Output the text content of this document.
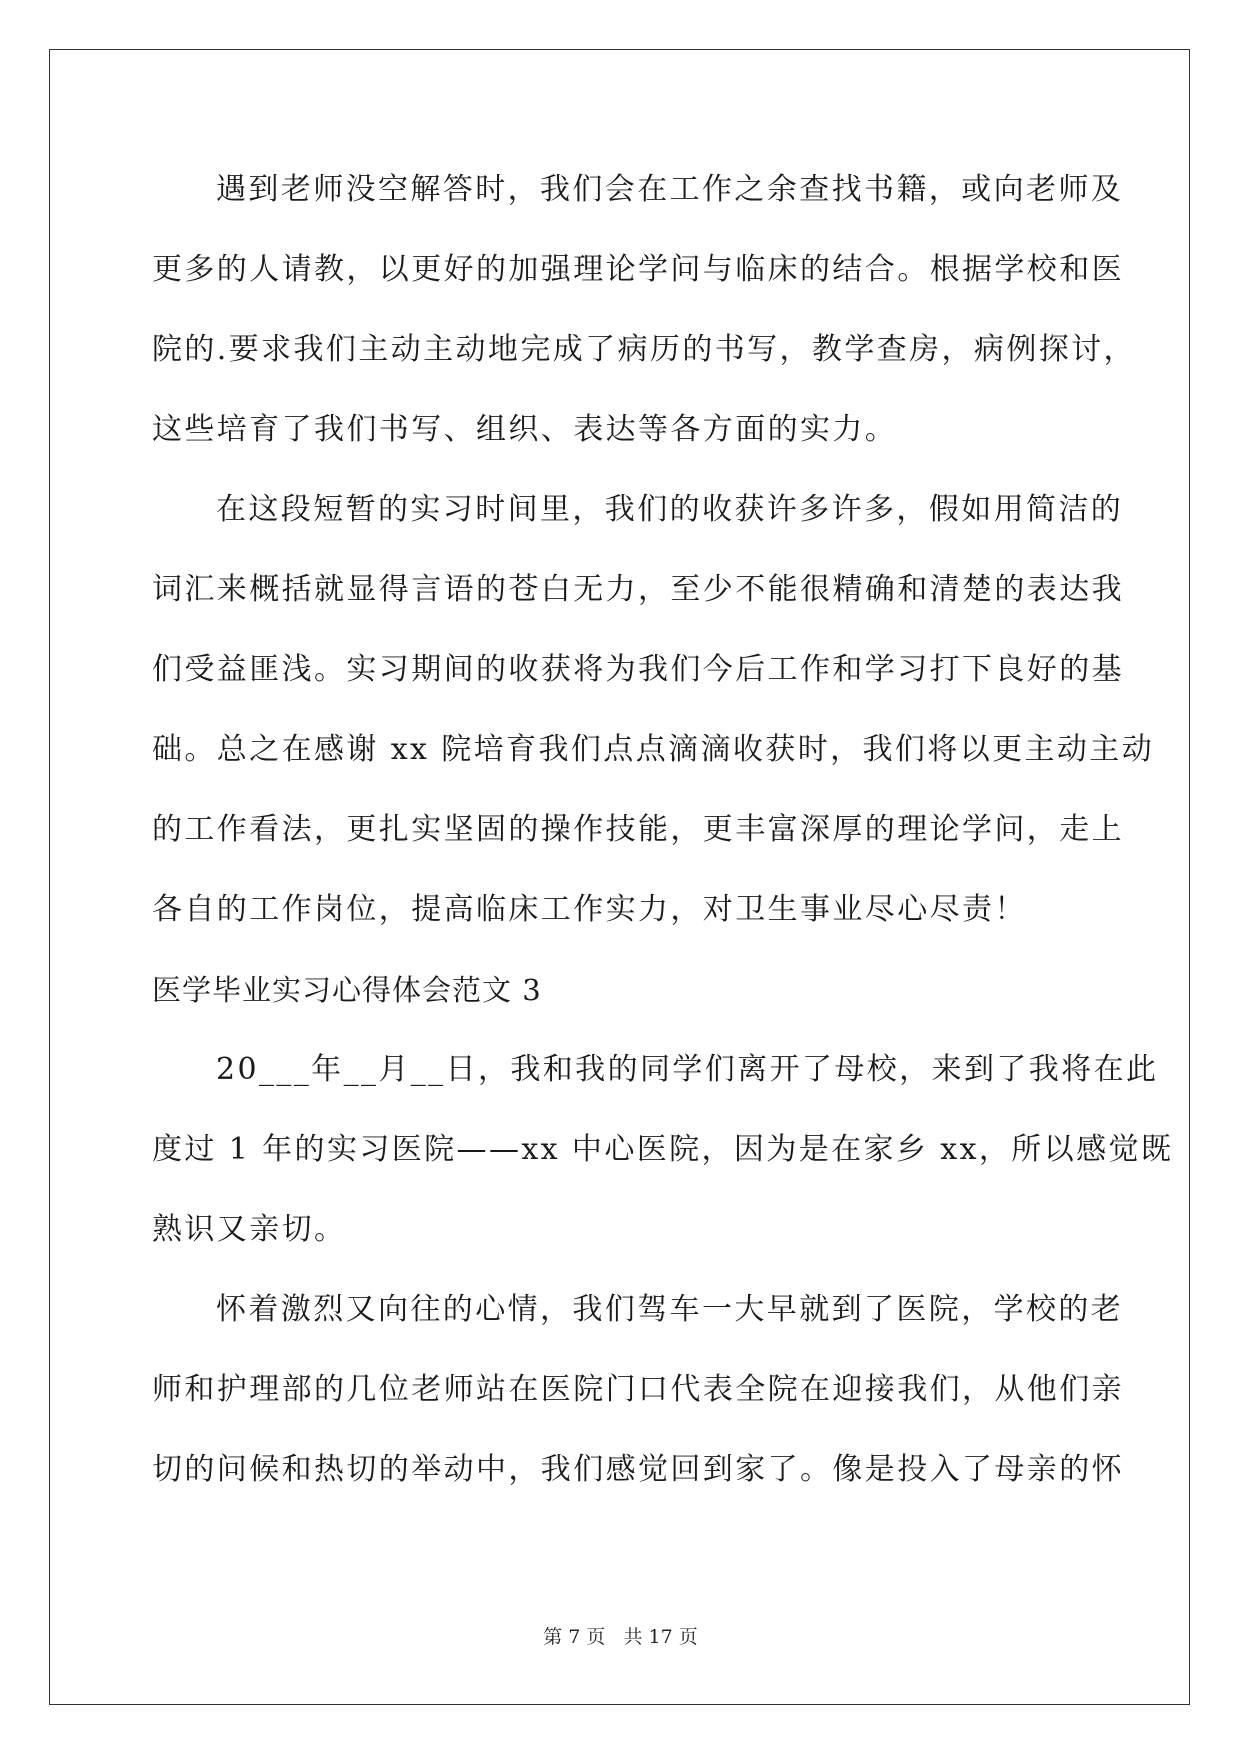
遇到老师没空解答时，我们会在工作之余查找书籍，或向老师及
更多的人请教，以更好的加强理论学问与临床的结合。根据学校和医
院的.要求我们主动主动地完成了病历的书写，教学查房，病例探讨，
这些培育了我们书写、组织、表达等各方面的实力。
在这段短暂的实习时间里，我们的收获许多许多，假如用简洁的
词汇来概括就显得言语的苍白无力，至少不能很精确和清楚的表达我
们受益匪浅。实习期间的收获将为我们今后工作和学习打下良好的基
础。总之在感谢 xx 院培育我们点点滴滴收获时，我们将以更主动主动
的工作看法，更扎实坚固的操作技能，更丰富深厚的理论学问，走上
各自的工作岗位，提高临床工作实力，对卫生事业尽心尽责！
医学毕业实习心得体会范文 3
20___年__月__日，我和我的同学们离开了母校，来到了我将在此
度过 1 年的实习医院——xx 中心医院，因为是在家乡 xx，所以感觉既
熟识又亲切。
怀着激烈又向往的心情，我们驾车一大早就到了医院，学校的老
师和护理部的几位老师站在医院门口代表全院在迎接我们，从他们亲
切的问候和热切的举动中，我们感觉回到家了。像是投入了母亲的怀
第 7 页   共 17 页
